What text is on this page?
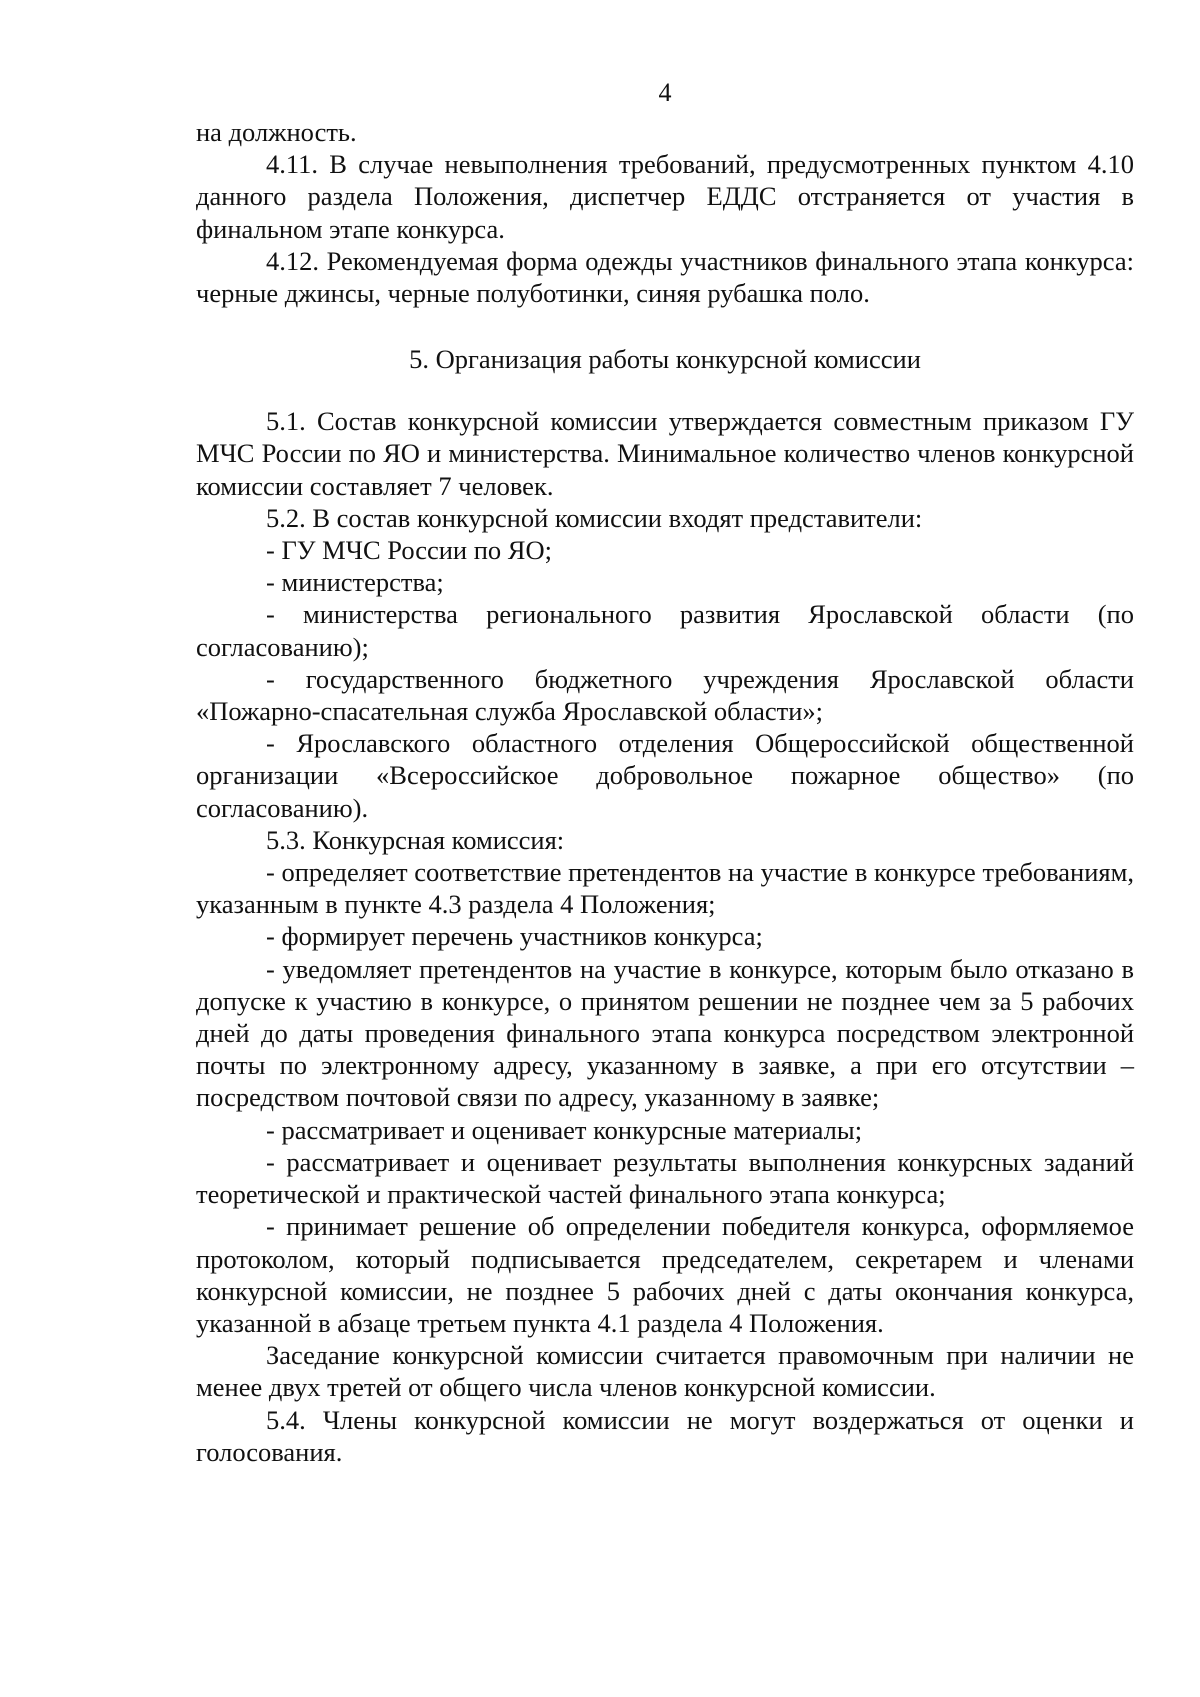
4

на должность.

4.11. В случае невыполнения требований, предусмотренных пунктом 4.10 данного раздела Положения, диспетчер ЕДДС отстраняется от участия в финальном этапе конкурса.

4.12. Рекомендуемая форма одежды участников финального этапа конкурса: черные джинсы, черные полуботинки, синяя рубашка поло.

5. Организация работы конкурсной комиссии

5.1. Состав конкурсной комиссии утверждается совместным приказом ГУ МЧС России по ЯО и министерства. Минимальное количество членов конкурсной комиссии составляет 7 человек.

5.2. В состав конкурсной комиссии входят представители:

- ГУ МЧС России по ЯО;

- министерства;

- министерства регионального развития Ярославской области (по согласованию);

- государственного бюджетного учреждения Ярославской области «Пожарно-спасательная служба Ярославской области»;

- Ярославского областного отделения Общероссийской общественной организации «Всероссийское добровольное пожарное общество» (по согласованию).

5.3. Конкурсная комиссия:

- определяет соответствие претендентов на участие в конкурсе требованиям, указанным в пункте 4.3 раздела 4 Положения;

- формирует перечень участников конкурса;

- уведомляет претендентов на участие в конкурсе, которым было отказано в допуске к участию в конкурсе, о принятом решении не позднее чем за 5 рабочих дней до даты проведения финального этапа конкурса посредством электронной почты по электронному адресу, указанному в заявке, а при его отсутствии – посредством почтовой связи по адресу, указанному в заявке;

- рассматривает и оценивает конкурсные материалы;

- рассматривает и оценивает результаты выполнения конкурсных заданий теоретической и практической частей финального этапа конкурса;

- принимает решение об определении победителя конкурса, оформляемое протоколом, который подписывается председателем, секретарем и членами конкурсной комиссии, не позднее 5 рабочих дней с даты окончания конкурса, указанной в абзаце третьем пункта 4.1 раздела 4 Положения.

Заседание конкурсной комиссии считается правомочным при наличии не менее двух третей от общего числа членов конкурсной комиссии.

5.4. Члены конкурсной комиссии не могут воздержаться от оценки и голосования.
